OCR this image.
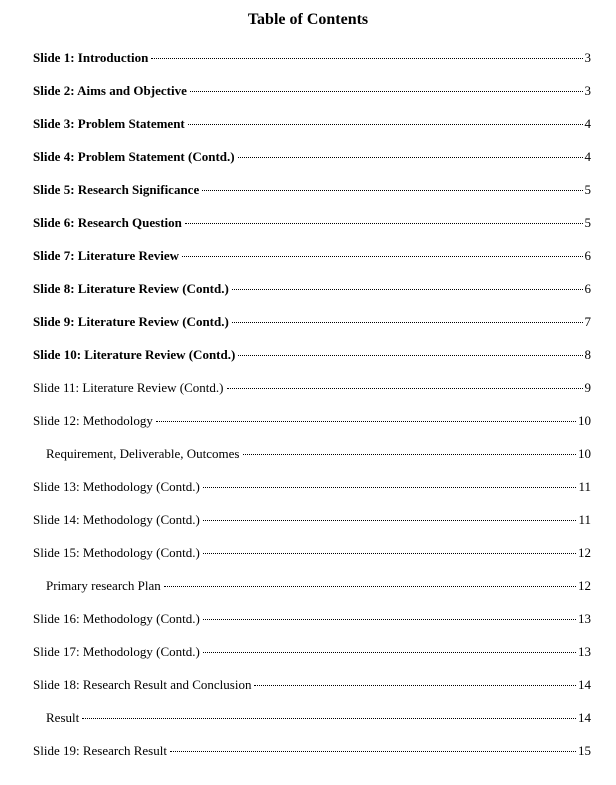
Table of Contents
Slide 1: Introduction	3
Slide 2: Aims and Objective	3
Slide 3: Problem Statement	4
Slide 4: Problem Statement (Contd.)	4
Slide 5: Research Significance	5
Slide 6: Research Question	5
Slide 7: Literature Review	6
Slide 8: Literature Review (Contd.)	6
Slide 9: Literature Review (Contd.)	7
Slide 10: Literature Review (Contd.)	8
Slide 11: Literature Review (Contd.)	9
Slide 12: Methodology	10
Requirement, Deliverable, Outcomes	10
Slide 13: Methodology (Contd.)	11
Slide 14: Methodology (Contd.)	11
Slide 15: Methodology (Contd.)	12
Primary research Plan	12
Slide 16: Methodology (Contd.)	13
Slide 17: Methodology (Contd.)	13
Slide 18: Research Result and Conclusion	14
Result	14
Slide 19: Research Result	15
